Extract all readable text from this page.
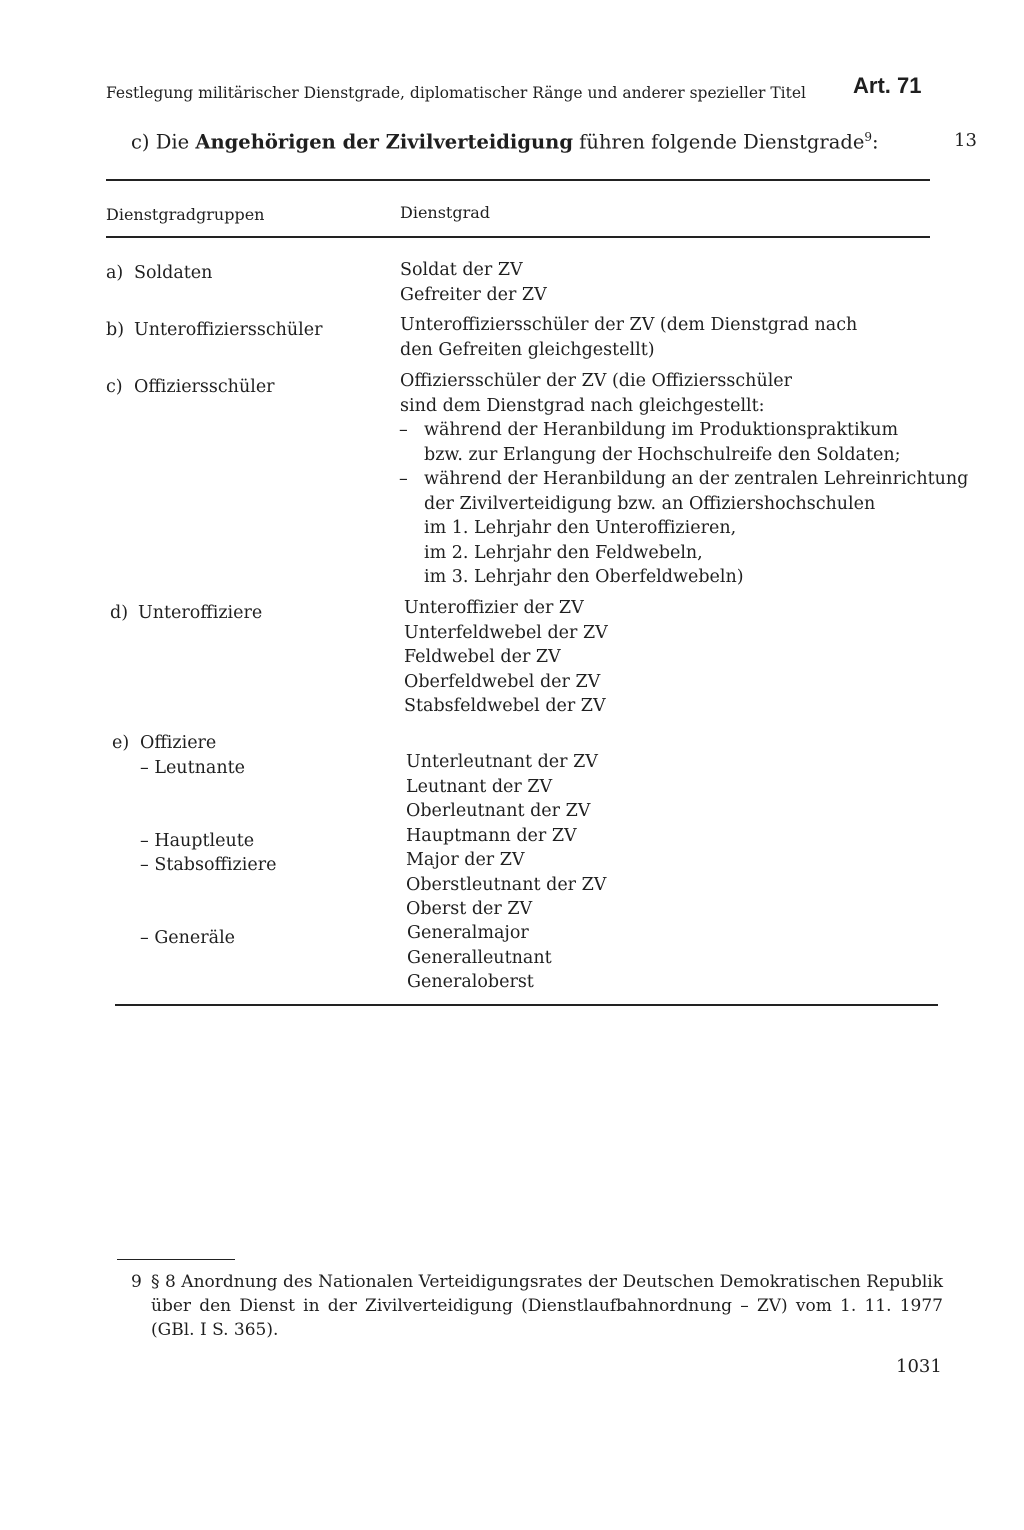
Festlegung militärischer Dienstgrade, diplomatischer Ränge und anderer spezieller Titel Art. 71
c) Die Angehörigen der Zivilverteidigung führen folgende Dienstgrade$^9$:	13
Dienstgradgruppen	Dienstgrad
a) Soldaten	Soldat der ZV
Gefreiter der ZV
b) Unteroffiziersschüler	Unteroffiziersschüler der ZV (dem Dienstgrad nach
den Gefreiten gleichgestellt)
c) Offiziersschüler	Offiziersschüler der ZV (die Offiziersschüler
sind dem Dienstgrad nach gleichgestellt:
– während der Heranbildung im Produktionspraktikum
bzw. zur Erlangung der Hochschulreife den Soldaten;
– während der Heranbildung an der zentralen Lehreinrichtung
der Zivilverteidigung bzw. an Offiziershochschulen
im 1. Lehrjahr den Unteroffizieren,
im 2. Lehrjahr den Feldwebeln,
im 3. Lehrjahr den Oberfeldwebeln)
d) Unteroffiziere	Unteroffizier der ZV
Unterfeldwebel der ZV
Feldwebel der ZV
Oberfeldwebel der ZV
Stabsfeldwebel der ZV
e) Offiziere
– Leutnante	Unterleutnant der ZV
Leutnant der ZV
Oberleutnant der ZV
– Hauptleute	Hauptmann der ZV
– Stabsoffiziere	Major der ZV
Oberstleutnant der ZV
Oberst der ZV
– Generäle	Generalmajor
Generalleutnant
Generaloberst
9 § 8 Anordnung des Nationalen Verteidigungsrates der Deutschen Demokratischen Republik über den Dienst in der Zivilverteidigung (Dienstlaufbahnordnung – ZV) vom 1. 11. 1977 (GBl. I S. 365).
1031
